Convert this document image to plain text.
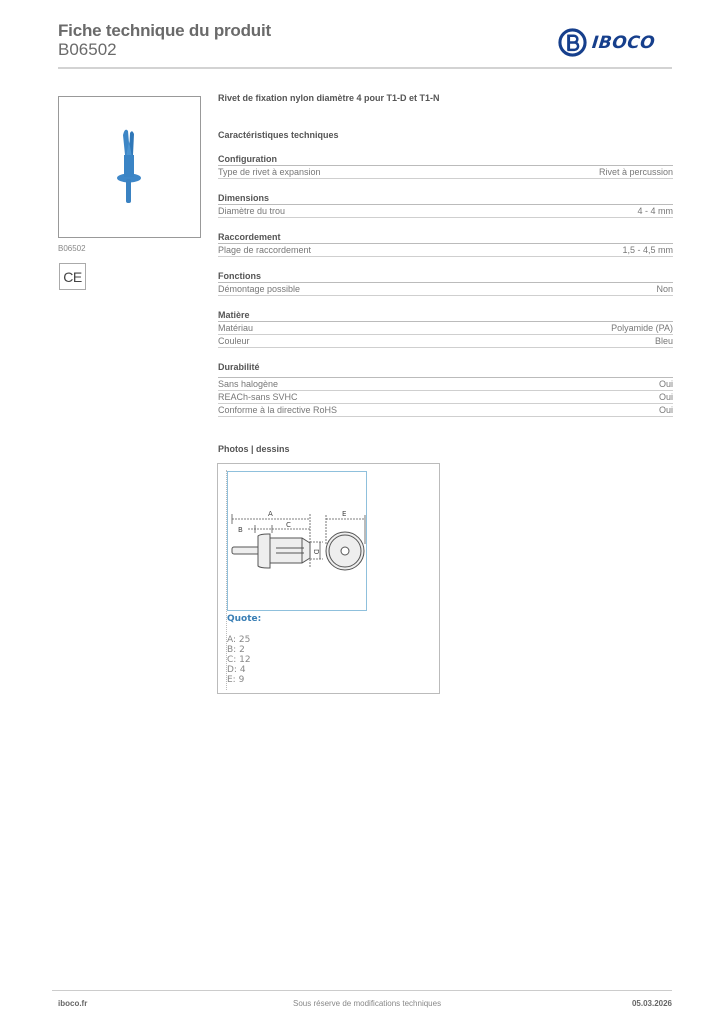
Fiche technique du produit
B06502	IBOCO
B06502
CE
Rivet de fixation nylon diamètre 4 pour T1-D et T1-N
Caractéristiques techniques
Configuration
Type de rivet à expansion	Rivet à percussion
Dimensions
Diamètre du trou	4 - 4 mm
Raccordement
Plage de raccordement	1,5 - 4,5 mm
Fonctions
Démontage possible	Non
Matière
Matériau	Polyamide (PA)
Couleur	Bleu
Durabilité
Sans halogène	Oui
REACh-sans SVHC	Oui
Conforme à la directive RoHS	Oui
Photos | dessins
A
B
C
E
D
Quote:
A: 25
B: 2
C: 12
D: 4
E: 9
iboco.fr	Sous réserve de modifications techniques	05.03.2026
